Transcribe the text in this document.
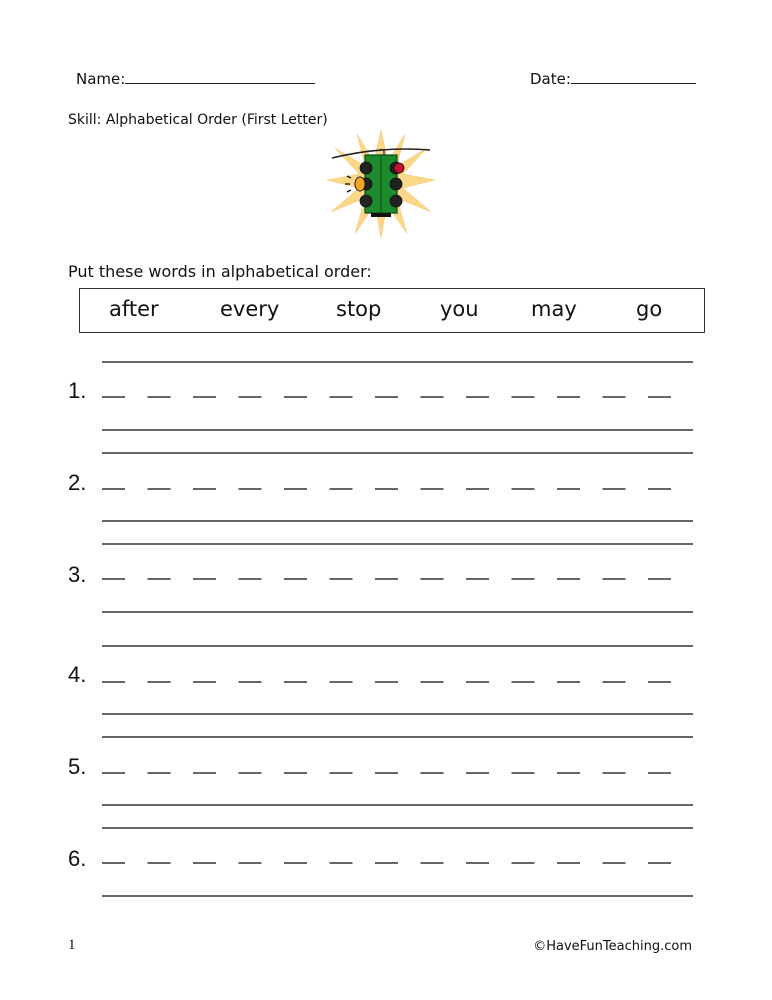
Name:	Date:
Skill: Alphabetical Order (First Letter)
Put these words in alphabetical order:
after	every	stop	you may	go
1.
2.
3.
4.
5.
6.
1	©HaveFunTeaching.com
